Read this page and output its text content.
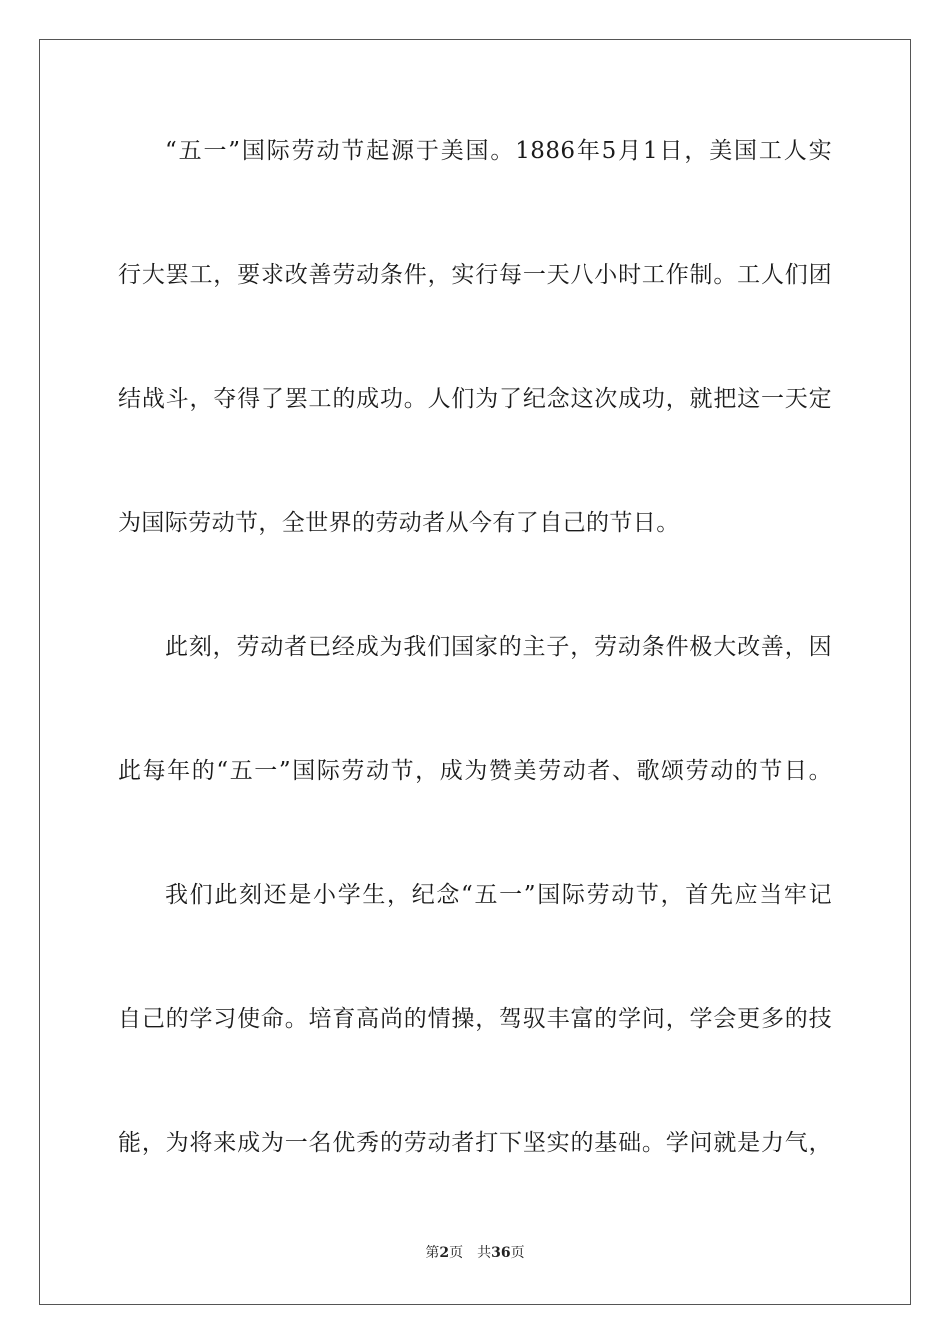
“五一”国际劳动节起源于美国。1886年5月1日，美国工人实
行大罢工，要求改善劳动条件，实行每一天八小时工作制。工人们团
结战斗，夺得了罢工的成功。人们为了纪念这次成功，就把这一天定
为国际劳动节，全世界的劳动者从今有了自己的节日。
此刻，劳动者已经成为我们国家的主子，劳动条件极大改善，因
此每年的“五一”国际劳动节，成为赞美劳动者、歌颂劳动的节日。
我们此刻还是小学生，纪念“五一”国际劳动节，首先应当牢记
自己的学习使命。培育高尚的情操，驾驭丰富的学问，学会更多的技
能，为将来成为一名优秀的劳动者打下坚实的基础。学问就是力气，
第2页 共36页
